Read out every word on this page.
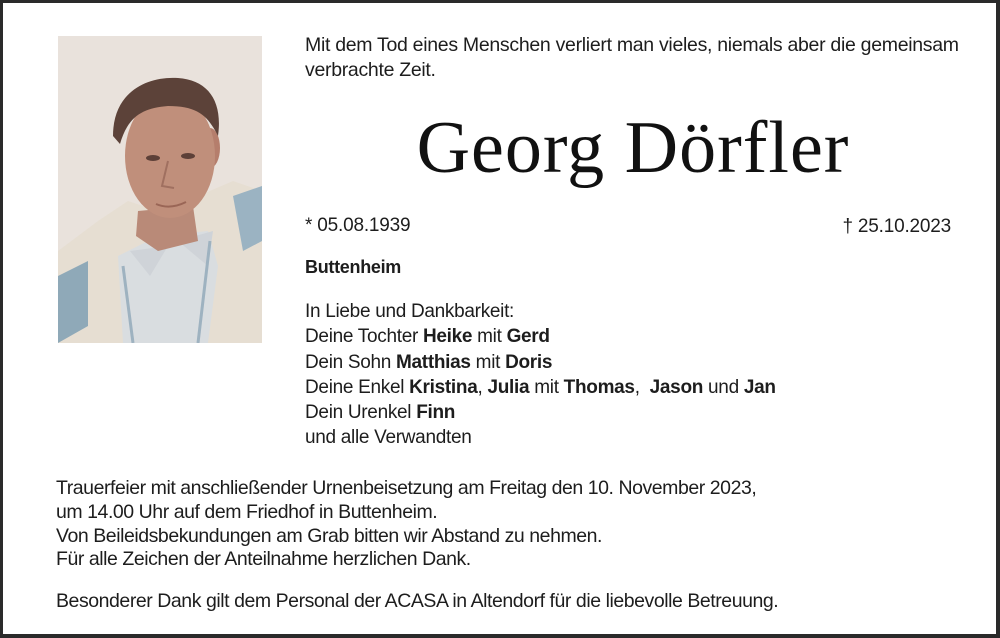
Mit dem Tod eines Menschen verliert man vieles, niemals aber die gemeinsam verbrachte Zeit.
Georg Dörfler
* 05.08.1939	† 25.10.2023
Buttenheim
In Liebe und Dankbarkeit:
Deine Tochter Heike mit Gerd
Dein Sohn Matthias mit Doris
Deine Enkel Kristina, Julia mit Thomas,  Jason und Jan
Dein Urenkel Finn
und alle Verwandten
Trauerfeier mit anschließender Urnenbeisetzung am Freitag den 10. November 2023,
um 14.00 Uhr auf dem Friedhof in Buttenheim.
Von Beileidsbekundungen am Grab bitten wir Abstand zu nehmen.
Für alle Zeichen der Anteilnahme herzlichen Dank.
Besonderer Dank gilt dem Personal der ACASA in Altendorf für die liebevolle Betreuung.
